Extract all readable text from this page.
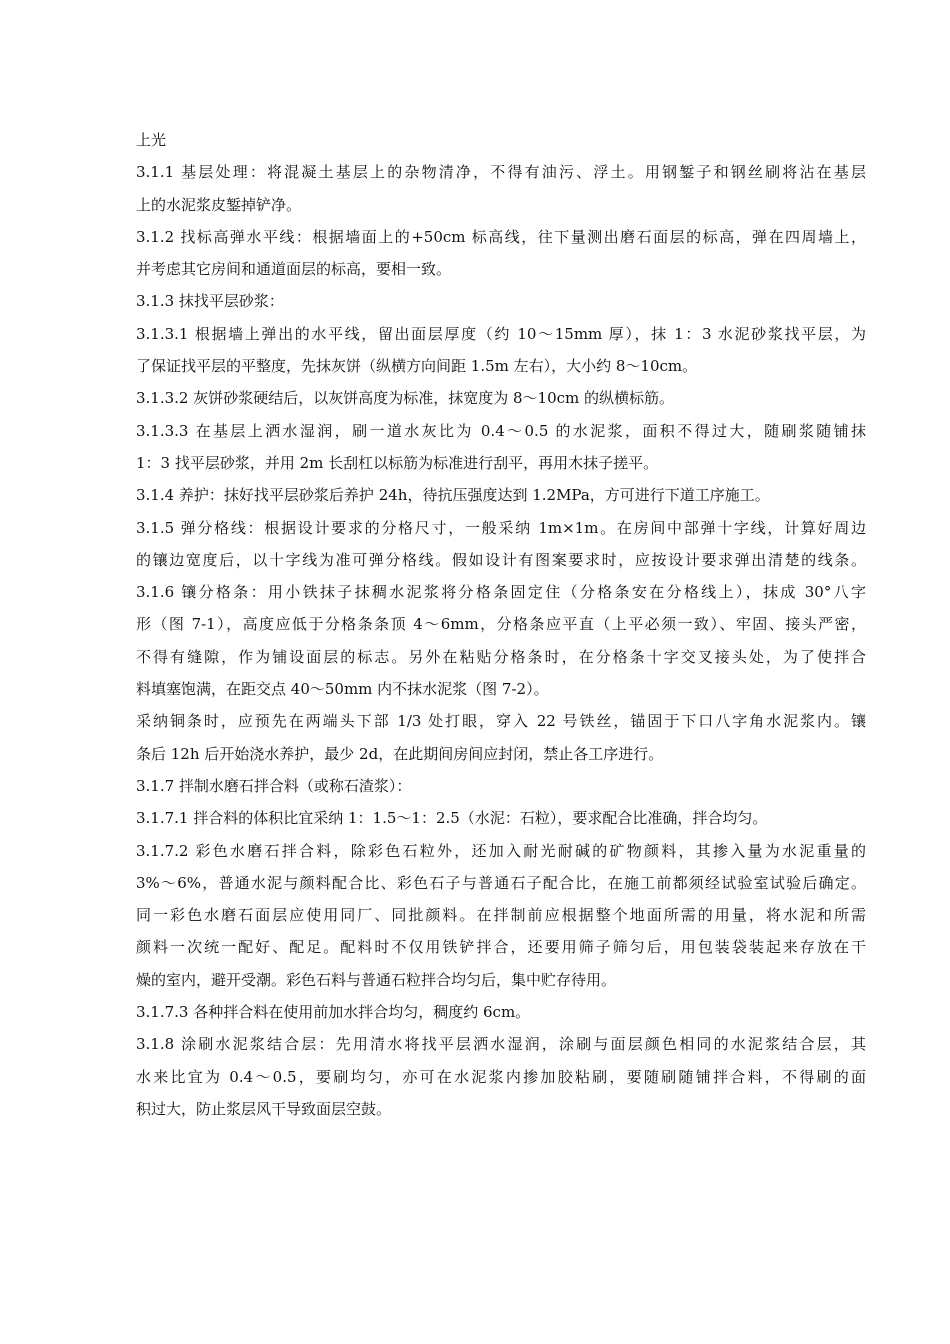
上光

3.1.1 基层处理：将混凝土基层上的杂物清净，不得有油污、浮土。用钢錾子和钢丝刷将沾在基层

上的水泥浆皮錾掉铲净。

3.1.2 找标高弹水平线：根据墙面上的+50cm 标高线，往下量测出磨石面层的标高，弹在四周墙上，

并考虑其它房间和通道面层的标高，要相一致。

3.1.3 抹找平层砂浆：

3.1.3.1 根据墙上弹出的水平线，留出面层厚度（约 10～15mm 厚），抹 1：3 水泥砂浆找平层，为

了保证找平层的平整度，先抹灰饼（纵横方向间距 1.5m 左右），大小约 8～10cm。

3.1.3.2 灰饼砂浆硬结后，以灰饼高度为标准，抹宽度为 8～10cm 的纵横标筋。

3.1.3.3 在基层上洒水湿润，刷一道水灰比为 0.4～0.5 的水泥浆，面积不得过大，随刷浆随铺抹

1：3 找平层砂浆，并用 2m 长刮杠以标筋为标准进行刮平，再用木抹子搓平。

3.1.4 养护：抹好找平层砂浆后养护 24h，待抗压强度达到 1.2MPa，方可进行下道工序施工。

3.1.5 弹分格线：根据设计要求的分格尺寸，一般采纳 1m×1m。在房间中部弹十字线，计算好周边

的镶边宽度后，以十字线为准可弹分格线。假如设计有图案要求时，应按设计要求弹出清楚的线条。

3.1.6 镶分格条：用小铁抹子抹稠水泥浆将分格条固定住（分格条安在分格线上），抹成 30°八字

形（图 7-1），高度应低于分格条条顶 4～6mm，分格条应平直（上平必须一致）、牢固、接头严密，

不得有缝隙，作为铺设面层的标志。另外在粘贴分格条时，在分格条十字交叉接头处，为了使拌合

料填塞饱满，在距交点 40～50mm 内不抹水泥浆（图 7-2）。

采纳铜条时，应预先在两端头下部 1/3 处打眼，穿入 22 号铁丝，锚固于下口八字角水泥浆内。镶

条后 12h 后开始浇水养护，最少 2d，在此期间房间应封闭，禁止各工序进行。

3.1.7 拌制水磨石拌合料（或称石渣浆）：

3.1.7.1 拌合料的体积比宜采纳 1：1.5～1：2.5（水泥：石粒），要求配合比准确，拌合均匀。

3.1.7.2 彩色水磨石拌合料，除彩色石粒外，还加入耐光耐碱的矿物颜料，其掺入量为水泥重量的

3%～6%，普通水泥与颜料配合比、彩色石子与普通石子配合比，在施工前都须经试验室试验后确定。

同一彩色水磨石面层应使用同厂、同批颜料。在拌制前应根据整个地面所需的用量，将水泥和所需

颜料一次统一配好、配足。配料时不仅用铁铲拌合，还要用筛子筛匀后，用包装袋装起来存放在干

燥的室内，避开受潮。彩色石料与普通石粒拌合均匀后，集中贮存待用。

3.1.7.3 各种拌合料在使用前加水拌合均匀，稠度约 6cm。

3.1.8 涂刷水泥浆结合层：先用清水将找平层洒水湿润，涂刷与面层颜色相同的水泥浆结合层，其

水来比宜为 0.4～0.5，要刷均匀，亦可在水泥浆内掺加胶粘刷，要随刷随铺拌合料，不得刷的面

积过大，防止浆层风干导致面层空鼓。
